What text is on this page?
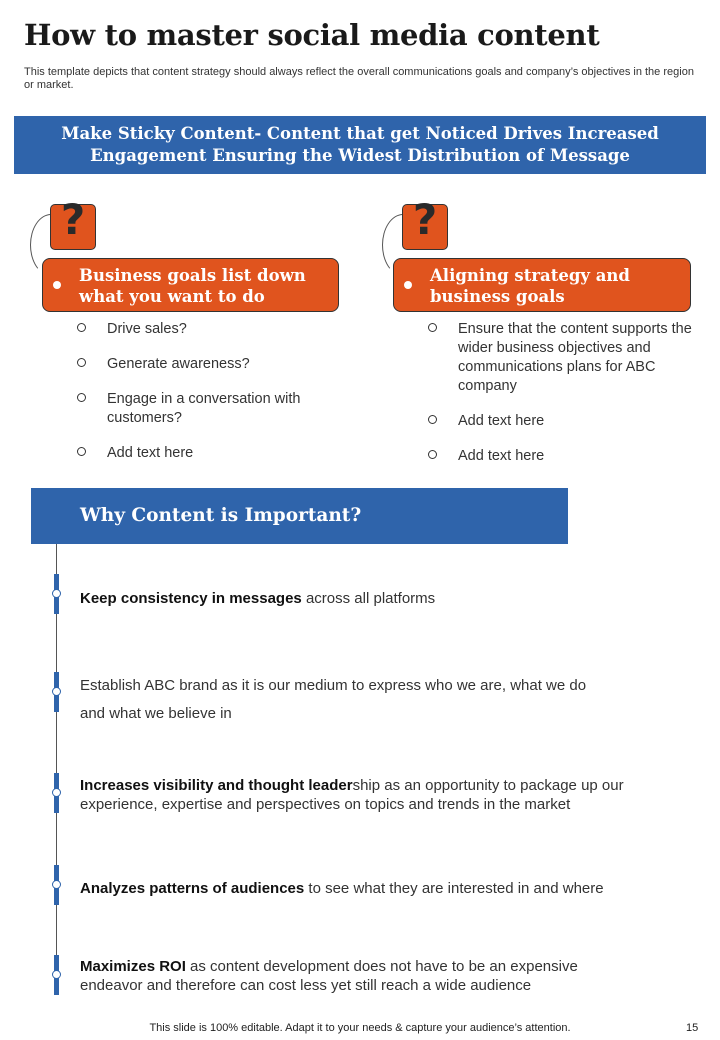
How to master social media content
This template depicts that content strategy should always reflect the overall communications goals and company’s objectives in the region or market.
Make Sticky Content- Content that get Noticed Drives Increased
Engagement Ensuring the Widest Distribution of Message
?
Business goals list down
what you want to do
Drive sales?
Generate awareness?
Engage in a conversation with customers?
Add text here
?
Aligning strategy and
business goals
Ensure that the content supports the wider business objectives and communications plans for ABC company
Add text here
Add text here
Why Content is Important?
Keep consistency in messages across all platforms
Establish ABC brand as it is our medium to express who we are, what we do and what we believe in
Increases visibility and thought leadership as an opportunity to package up our experience, expertise and perspectives on topics and trends in the market
Analyzes patterns of audiences to see what they are interested in and where
Maximizes ROI as content development does not have to be an expensive endeavor and therefore can cost less yet still reach a wide audience
This slide is 100% editable. Adapt it to your needs & capture your audience’s attention.	15
